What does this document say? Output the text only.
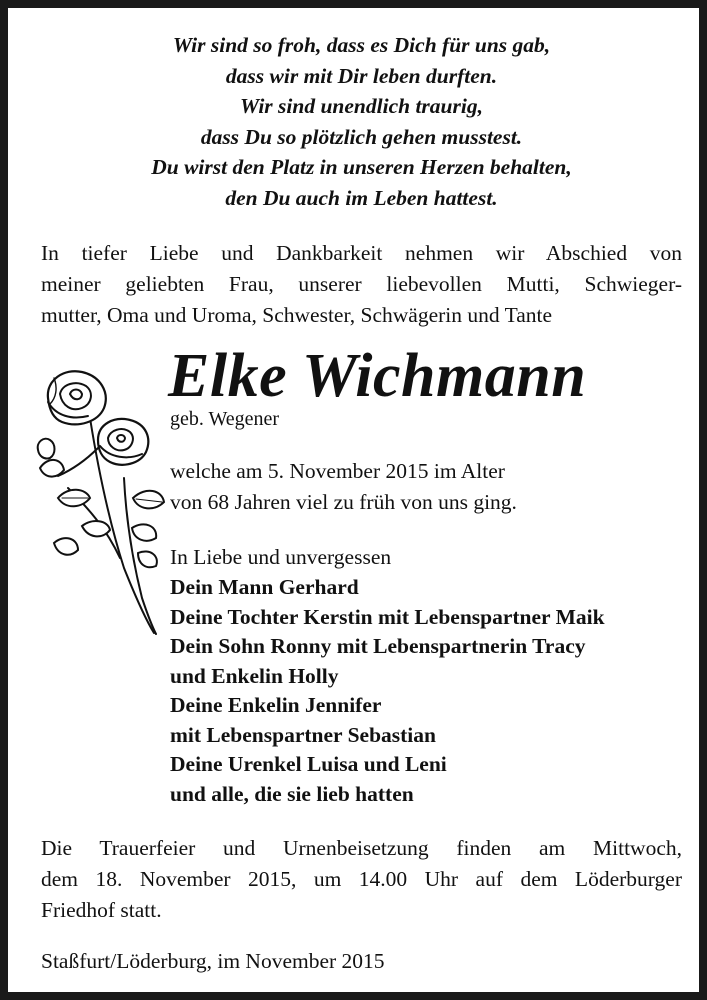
Wir sind so froh, dass es Dich für uns gab,
dass wir mit Dir leben durften.
Wir sind unendlich traurig,
dass Du so plötzlich gehen musstest.
Du wirst den Platz in unseren Herzen behalten,
den Du auch im Leben hattest.
In tiefer Liebe und Dankbarkeit nehmen wir Abschied von
meiner geliebten Frau, unserer liebevollen Mutti, Schwieger-
mutter, Oma und Uroma, Schwester, Schwägerin und Tante
Elke Wichmann
geb. Wegener
welche am 5. November 2015 im Alter
von 68 Jahren viel zu früh von uns ging.
In Liebe und unvergessen
Dein Mann Gerhard
Deine Tochter Kerstin mit Lebenspartner Maik
Dein Sohn Ronny mit Lebenspartnerin Tracy
und Enkelin Holly
Deine Enkelin Jennifer
mit Lebenspartner Sebastian
Deine Urenkel Luisa und Leni
und alle, die sie lieb hatten
Die Trauerfeier und Urnenbeisetzung finden am Mittwoch,
dem 18. November 2015, um 14.00 Uhr auf dem Löderburger
Friedhof statt.
Staßfurt/Löderburg, im November 2015
